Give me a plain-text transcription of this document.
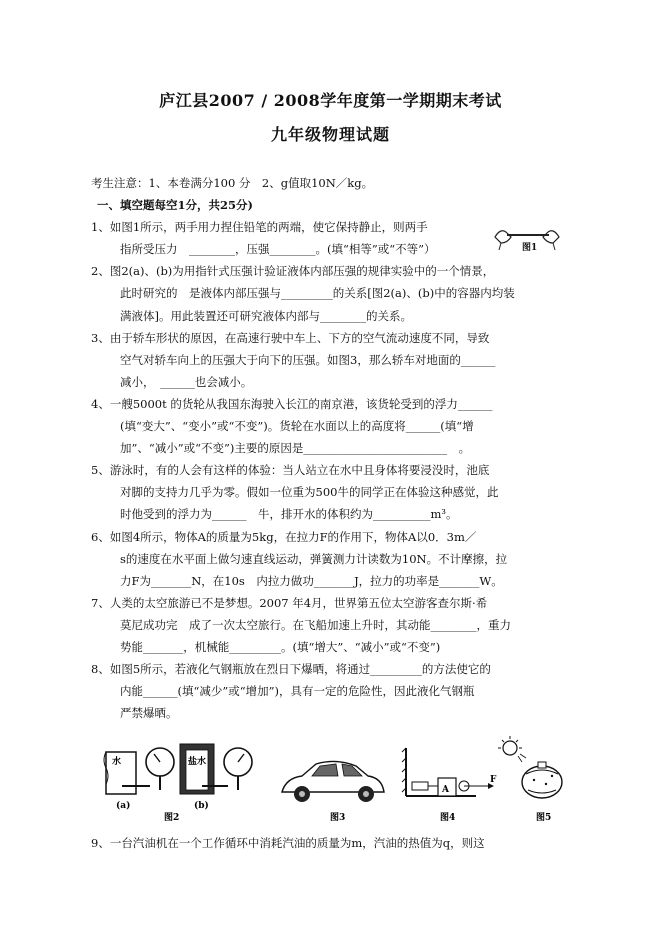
庐江县2007 / 2008学年度第一学期期末考试
九年级物理试题
图1
考生注意：1、本卷满分100 分　2、g值取10N／kg。
一、填空题每空1分，共25分)
1、如图1所示，两手用力捏住铅笔的两端，使它保持静止，则两手
指所受压力　________，压强________。(填“相等”或“不等”）
2、图2(a)、(b)为用指针式压强计验证液体内部压强的规律实验中的一个情景，
此时研究的　是液体内部压强与_________的关系[图2(a)、(b)中的容器内均装
满液体]。用此装置还可研究液体内部与________的关系。
3、由于轿车形状的原因，在高速行驶中车上、下方的空气流动速度不同，导致
空气对轿车向上的压强大于向下的压强。如图3，那么轿车对地面的______
减小，　______也会减小。
4、一艘5000t 的货轮从我国东海驶入长江的南京港，该货轮受到的浮力______
(填“变大”、“变小”或“不变”)。货轮在水面以上的高度将______(填“增
加”、“减小”或“不变”)主要的原因是_________________________　。
5、游泳时，有的人会有这样的体验：当人站立在水中且身体将要浸没时，池底
对脚的支持力几乎为零。假如一位重为500牛的同学正在体验这种感觉，此
时他受到的浮力为______　牛，排开水的体积约为__________m³。
6、如图4所示，物体A的质量为5kg，在拉力F的作用下，物体A以0．3m／
s的速度在水平面上做匀速直线运动，弹簧测力计读数为10N。不计摩擦，拉
力F为_______N，在10s　内拉力做功_______J，拉力的功率是_______W。
7、人类的太空旅游已不是梦想。2007 年4月，世界第五位太空游客查尔斯·希
莫尼成功完　成了一次太空旅行。在飞船加速上升时，其动能________，重力
势能_______，机械能_________。(填“增大”、“减小”或“不变”)
8、如图5所示，若液化气钢瓶放在烈日下爆晒，将通过_________的方法使它的
内能______(填“减少”或“增加”)，具有一定的危险性，因此液化气钢瓶
严禁爆晒。
水
(a)
盐水
(b)
图2	图3
A
F
图4	图5
9、一台汽油机在一个工作循环中消耗汽油的质量为m，汽油的热值为q，则这
